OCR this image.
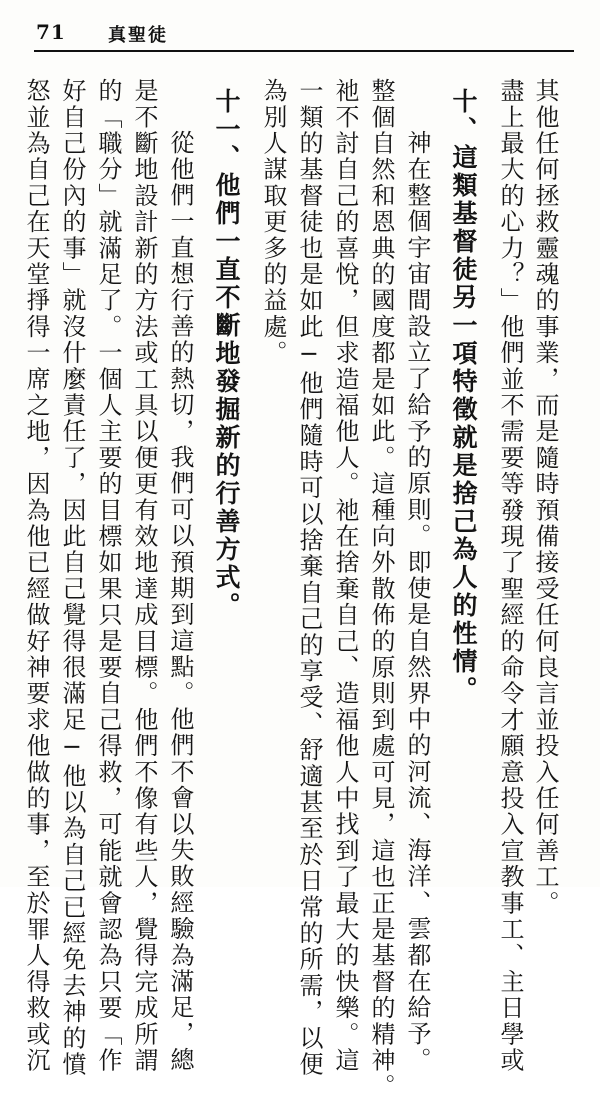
71 真聖徒
其他任何拯救靈魂的事業，而是隨時預備接受任何良言並投入任何善工。
盡上最大的心力？」他們並不需要等發現了聖經的命令才願意投入宣教事工、主日學或
十、這類基督徒另一項特徵就是捨己為人的性情。
神在整個宇宙間設立了給予的原則。即使是自然界中的河流、海洋、雲都在給予。
整個自然和恩典的國度都是如此。這種向外散佈的原則到處可見，這也正是基督的精神。
祂不討自己的喜悅，但求造福他人。祂在捨棄自己、造福他人中找到了最大的快樂。這
一類的基督徒也是如此─他們隨時可以捨棄自己的享受、舒適甚至於日常的所需，以便
為別人謀取更多的益處。
十一、他們一直不斷地發掘新的行善方式。
從他們一直想行善的熱切，我們可以預期到這點。他們不會以失敗經驗為滿足，總
是不斷地設計新的方法或工具以便更有效地達成目標。他們不像有些人，覺得完成所謂
的「職分」就滿足了。一個人主要的目標如果只是要自己得救，可能就會認為只要「作
好自己份內的事」就沒什麼責任了，因此自己覺得很滿足─他以為自己已經免去神的憤
怒並為自己在天堂掙得一席之地，因為他已經做好神要求他做的事，至於罪人得救或沉
